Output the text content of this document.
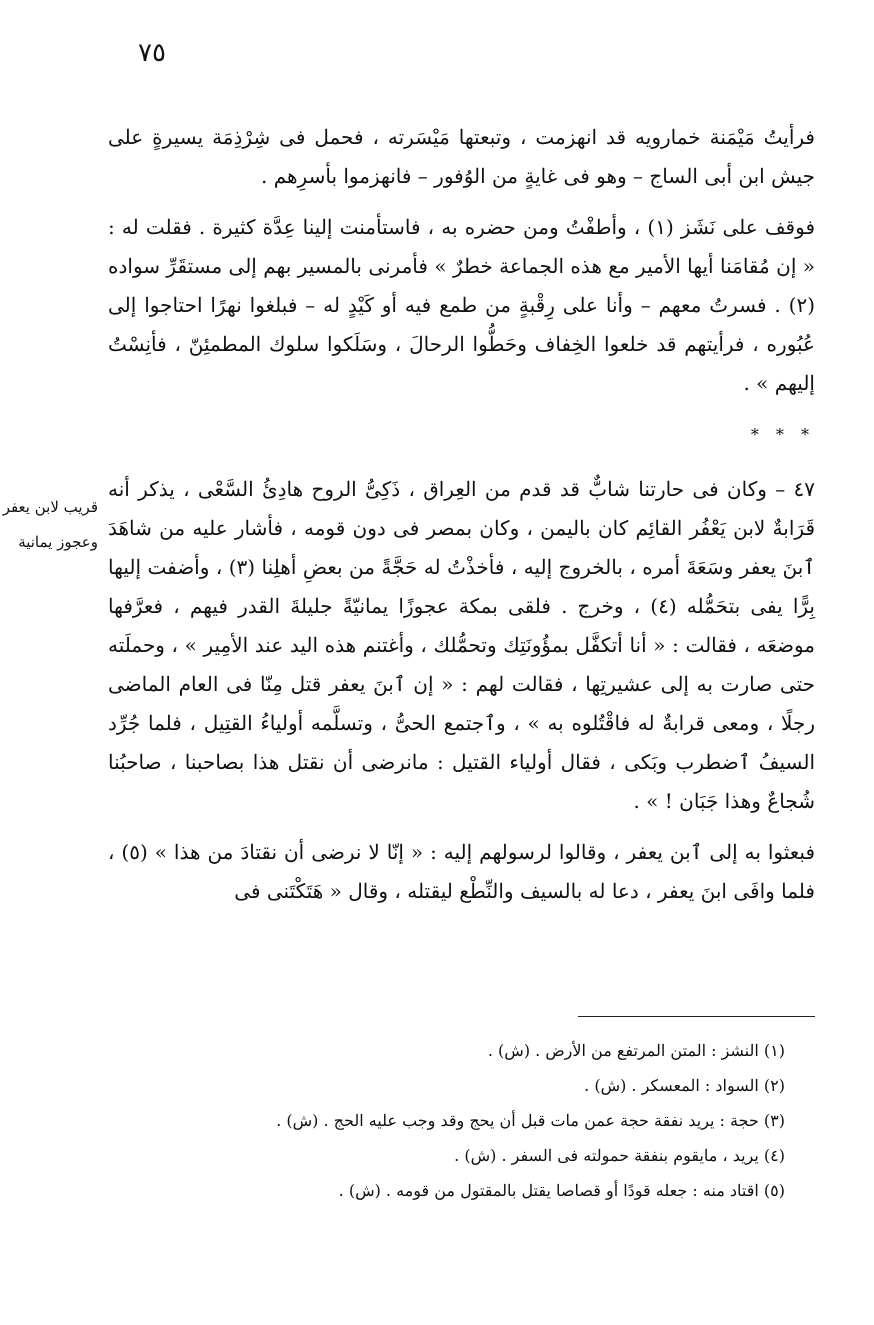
٧٥

فرأيتُ مَيْمَنة خمارويه قد انهزمت ، وتبعتها مَيْسَرته ، فحمل فى شِرْذِمَة يسيرةٍ على جيش ابن أبى الساج – وهو فى غايةٍ من الوُفور – فانهزموا بأسرِهم .

فوقف على نَشَز (١) ، وأطفْتُ ومن حضره به ، فاستأمنت إلينا عِدَّة كثيرة . فقلت له : « إن مُقامَنا أيها الأمير مع هذه الجماعة خطرٌ » فأمرنى بالمسير بهم إلى مستقَرِّ سواده (٢) . فسرتُ معهم – وأنا على رِقْبةٍ من طمع فيه أو كَيْدٍ له – فبلغوا نهرًا احتاجوا إلى عُبُوره ، فرأيتهم قد خلعوا الخِفاف وحَطُّوا الرحالَ ، وسَلَكوا سلوك المطمئِنّ ، فأنِسْتُ إليهم » .

* * *

٤٧ – وكان فى حارتنا شابٌّ قد قدم من العِراق ، ذَكِىُّ الروح هادِئُ السَّعْى ، يذكر أنه قَرَابةٌ لابن يَعْفُر القائِم كان باليمن ، وكان بمصر فى دون قومه ، فأشار عليه من شاهَدَ ٱبنَ يعفر وسَعَةَ أمره ، بالخروج إليه ، فأخذْتُ له حَجَّةً من بعضِ أهلِنا (٣) ، وأضفت إليها بِرًّا يفى بتحَمُّله (٤) ، وخرج . فلقى بمكة عجوزًا يمانيّةً جليلةَ القدر فيهم ، فعرَّفها موضعَه ، فقالت : « أنا أتكفَّل بمؤُونَتِك وتحمُّلك ، وأغتنم هذه اليد عند الأمِير » ، وحملَته حتى صارت به إلى عشيرتِها ، فقالت لهم : « إن ٱبنَ يعفر قتل مِنّا فى العام الماضى رجلًا ، ومعى قرابةٌ له فاقْتُلوه به » ، وٱجتمع الحىُّ ، وتسلَّمه أولياءُ القتِيل ، فلما جُرِّد السيفُ ٱضطرب وبَكى ، فقال أولياء القتيل : مانرضى أن نقتل هذا بصاحبنا ، صاحبُنا شُجاعٌ وهذا جَبَان ! » .

فبعثوا به إلى ٱبن يعفر ، وقالوا لرسولهم إليه : « إنّا لا نرضى أن نقتادَ من هذا » (٥) ، فلما وافَى ابنَ يعفر ، دعا له بالسيف والنِّطْع ليقتله ، وقال « هَتَكْتَنى فى

قريب لابن يعفر
وعجوز يمانية
(١) النشز : المتن المرتفع من الأرض . (ش) .
(٢) السواد : المعسكر . (ش) .
(٣) حجة : يريد نفقة حجة عمن مات قبل أن يحج وقد وجب عليه الحج . (ش) .
(٤) يريد ، مايقوم بنفقة حمولته فى السفر . (ش) .
(٥) اقتاد منه : جعله قودًا أو قصاصا يقتل بالمقتول من قومه . (ش) .
